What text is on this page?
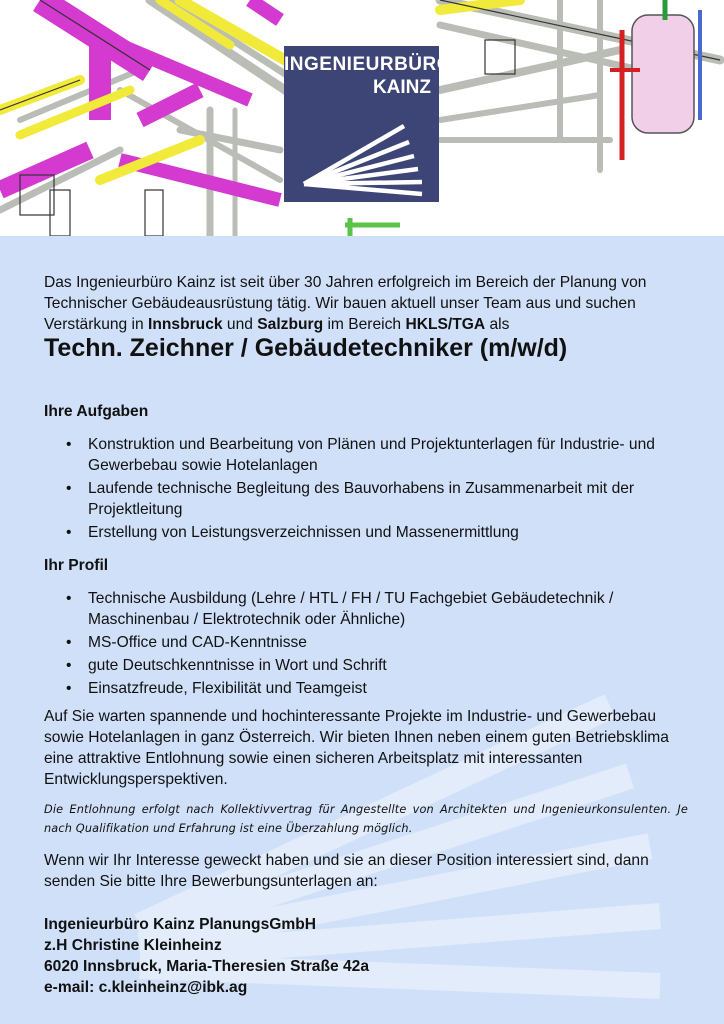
INGENIEURBÜRO
KAINZ

Das Ingenieurbüro Kainz ist seit über 30 Jahren erfolgreich im Bereich der Planung von Technischer Gebäudeausrüstung tätig. Wir bauen aktuell unser Team aus und suchen Verstärkung in Innsbruck und Salzburg im Bereich HKLS/TGA als

Techn. Zeichner / Gebäudetechniker (m/w/d)
Ihre Aufgaben
• Konstruktion und Bearbeitung von Plänen und Projektunterlagen für Industrie- und Gewerbebau sowie Hotelanlagen
• Laufende technische Begleitung des Bauvorhabens in Zusammenarbeit mit der Projektleitung
• Erstellung von Leistungsverzeichnissen und Massenermittlung
Ihr Profil
• Technische Ausbildung (Lehre / HTL / FH / TU Fachgebiet Gebäudetechnik / Maschinenbau / Elektrotechnik oder Ähnliche)
• MS-Office und CAD-Kenntnisse
• gute Deutschkenntnisse in Wort und Schrift
• Einsatzfreude, Flexibilität und Teamgeist

Auf Sie warten spannende und hochinteressante Projekte im Industrie- und Gewerbebau sowie Hotelanlagen in ganz Österreich. Wir bieten Ihnen neben einem guten Betriebsklima eine attraktive Entlohnung sowie einen sicheren Arbeitsplatz mit interessanten Entwicklungsperspektiven.

Die Entlohnung erfolgt nach Kollektivvertrag für Angestellte von Architekten und Ingenieurkonsulenten. Je nach Qualifikation und Erfahrung ist eine Überzahlung möglich.

Wenn wir Ihr Interesse geweckt haben und sie an dieser Position interessiert sind, dann senden Sie bitte Ihre Bewerbungsunterlagen an:

Ingenieurbüro Kainz PlanungsGmbH
z.H Christine Kleinheinz
6020 Innsbruck, Maria-Theresien Straße 42a
e-mail: c.kleinheinz@ibk.ag
